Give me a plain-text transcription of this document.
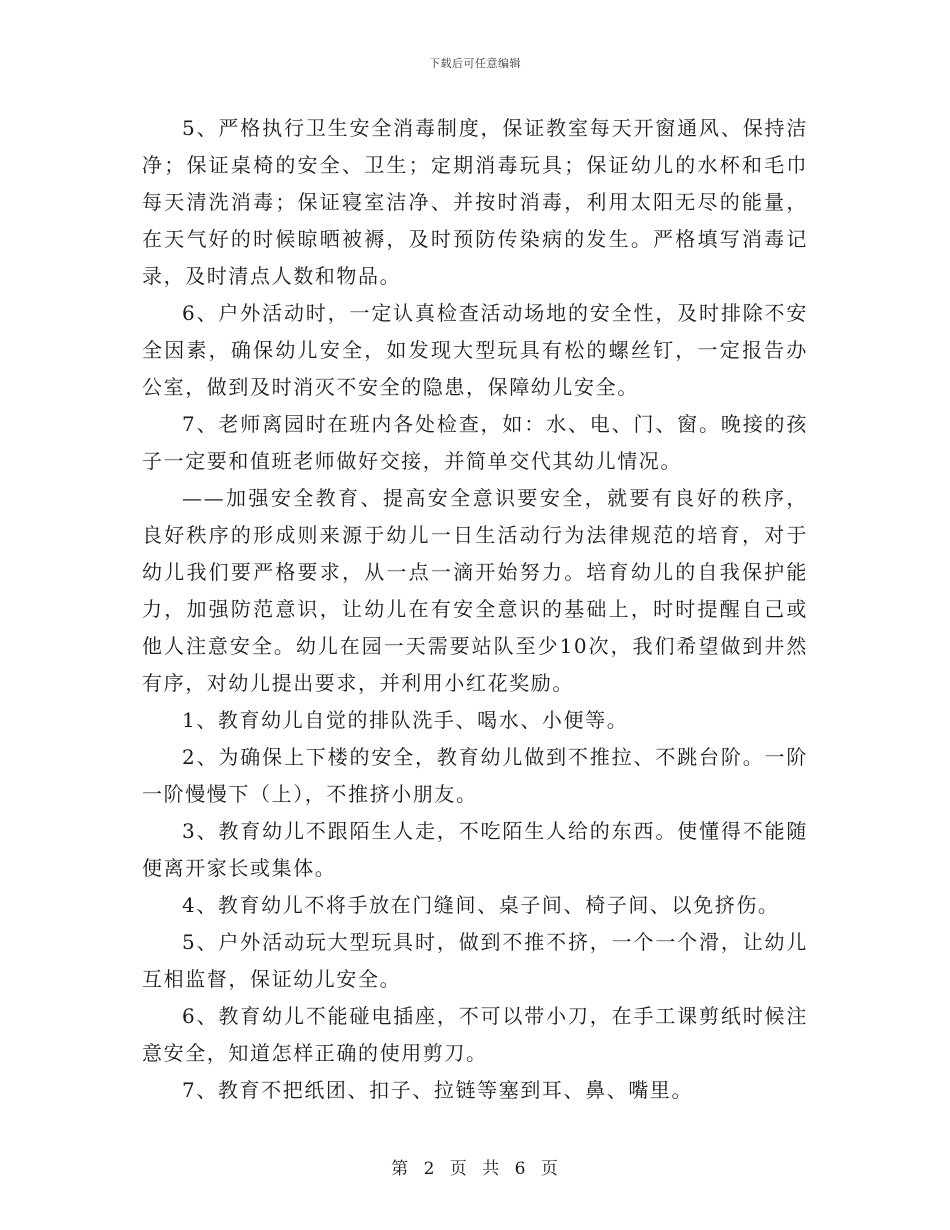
下载后可任意编辑

5、严格执行卫生安全消毒制度，保证教室每天开窗通风、保持洁净；保证桌椅的安全、卫生；定期消毒玩具；保证幼儿的水杯和毛巾每天清洗消毒；保证寝室洁净、并按时消毒，利用太阳无尽的能量，在天气好的时候晾晒被褥，及时预防传染病的发生。严格填写消毒记录，及时清点人数和物品。

6、户外活动时，一定认真检查活动场地的安全性，及时排除不安全因素，确保幼儿安全，如发现大型玩具有松的螺丝钉，一定报告办公室，做到及时消灭不安全的隐患，保障幼儿安全。

7、老师离园时在班内各处检查，如：水、电、门、窗。晚接的孩子一定要和值班老师做好交接，并简单交代其幼儿情况。

——加强安全教育、提高安全意识要安全，就要有良好的秩序，良好秩序的形成则来源于幼儿一日生活动行为法律规范的培育，对于幼儿我们要严格要求，从一点一滴开始努力。培育幼儿的自我保护能力，加强防范意识，让幼儿在有安全意识的基础上，时时提醒自己或他人注意安全。幼儿在园一天需要站队至少10次，我们希望做到井然有序，对幼儿提出要求，并利用小红花奖励。

1、教育幼儿自觉的排队洗手、喝水、小便等。

2、为确保上下楼的安全，教育幼儿做到不推拉、不跳台阶。一阶一阶慢慢下（上），不推挤小朋友。

3、教育幼儿不跟陌生人走，不吃陌生人给的东西。使懂得不能随便离开家长或集体。

4、教育幼儿不将手放在门缝间、桌子间、椅子间、以免挤伤。

5、户外活动玩大型玩具时，做到不推不挤，一个一个滑，让幼儿互相监督，保证幼儿安全。

6、教育幼儿不能碰电插座，不可以带小刀，在手工课剪纸时候注意安全，知道怎样正确的使用剪刀。

7、教育不把纸团、扣子、拉链等塞到耳、鼻、嘴里。

第 2 页 共 6 页
